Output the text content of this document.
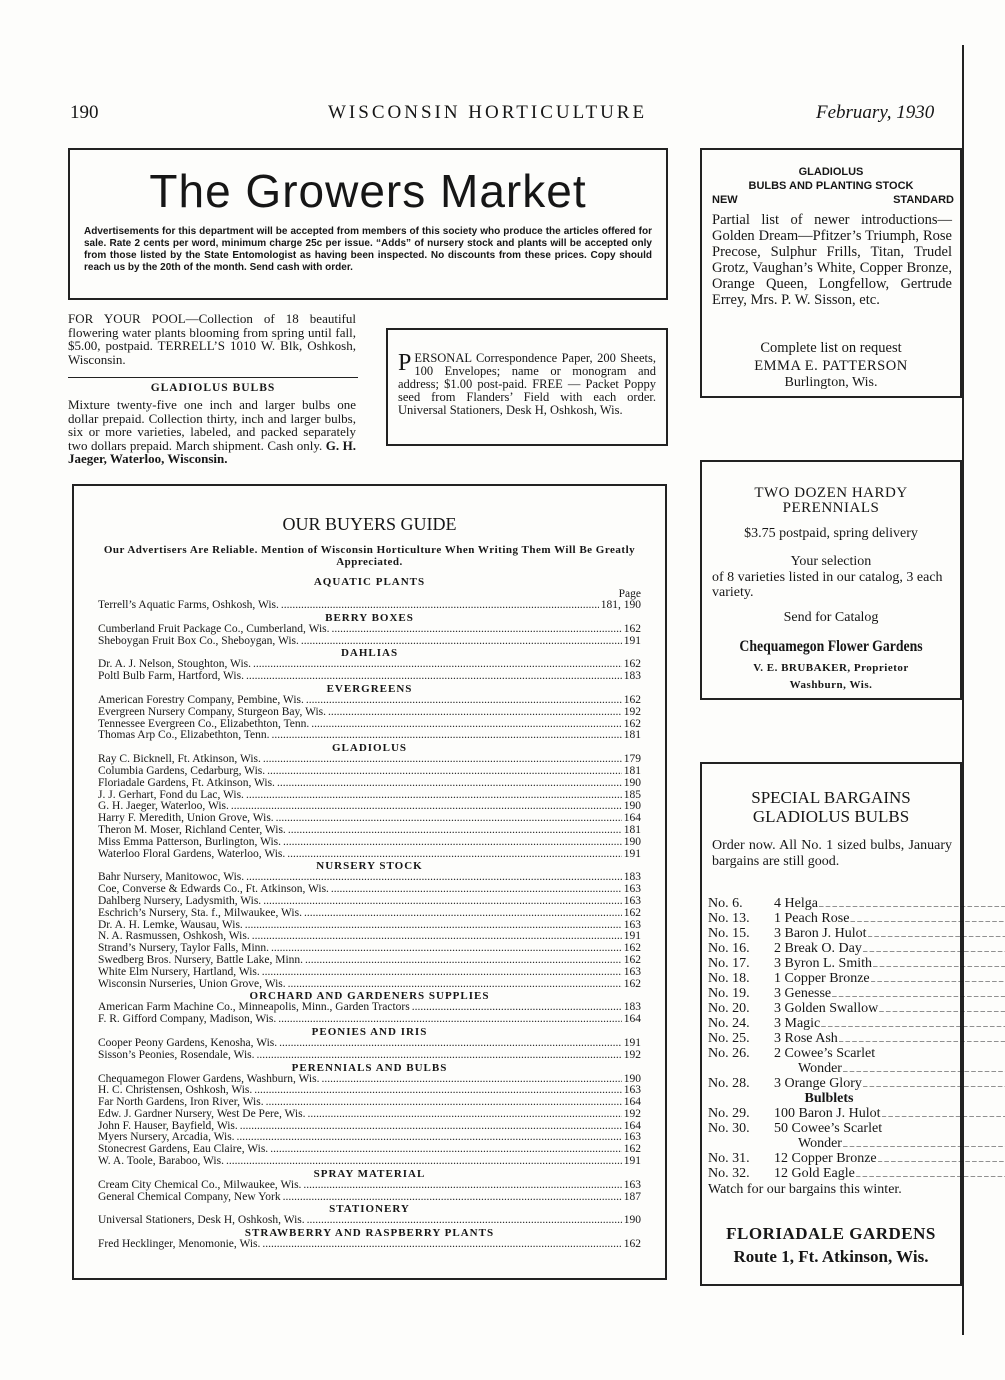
190	WISCONSIN HORTICULTURE	February, 1930
The Growers Market
Advertisements for this department will be accepted from members of this society who produce the articles offered for sale. Rate 2 cents per word, minimum charge 25c per issue. “Adds” of nursery stock and plants will be accepted only from those listed by the State Entomologist as having been inspected. No discounts from these prices. Copy should reach us by the 20th of the month. Send cash with order.
FOR YOUR POOL—Collection of 18 beautiful flowering water plants blooming from spring until fall, $5.00, postpaid. TERRELL’S 1010 W. Blk, Oshkosh, Wisconsin.
GLADIOLUS BULBS
Mixture twenty-five one inch and larger bulbs one dollar prepaid. Collection thirty, inch and larger bulbs, six or more varieties, labeled, and packed separately two dollars prepaid. March shipment. Cash only. G. H. Jaeger, Waterloo, Wisconsin.
P ERSONAL Correspondence Paper, 200 Sheets, 100 Envelopes; name or monogram and address; $1.00 post-paid. FREE — Packet Poppy seed from Flanders’ Field with each order. Universal Stationers, Desk H, Oshkosh, Wis.
OUR BUYERS GUIDE
Our Advertisers Are Reliable. Mention of Wisconsin Horticulture When Writing Them Will Be Greatly Appreciated.
AQUATIC PLANTS
Page
Terrell’s Aquatic Farms, Oshkosh, Wis. .....	181, 190
BERRY BOXES
Cumberland Fruit Package Co., Cumberland, Wis. .....	162
Sheboygan Fruit Box Co., Sheboygan, Wis. .....	191
DAHLIAS
Dr. A. J. Nelson, Stoughton, Wis. .....	162
Poltl Bulb Farm, Hartford, Wis. .....	183
EVERGREENS
American Forestry Company, Pembine, Wis. .....	162
Evergreen Nursery Company, Sturgeon Bay, Wis. .....	192
Tennessee Evergreen Co., Elizabethton, Tenn. .....	162
Thomas Arp Co., Elizabethton, Tenn. .....	181
GLADIOLUS
Ray C. Bicknell, Ft. Atkinson, Wis. .....	179
Columbia Gardens, Cedarburg, Wis. .....	181
Floriadale Gardens, Ft. Atkinson, Wis. .....	190
J. J. Gerhart, Fond du Lac, Wis. .....	185
G. H. Jaeger, Waterloo, Wis. .....	190
Harry F. Meredith, Union Grove, Wis. .....	164
Theron M. Moser, Richland Center, Wis. .....	181
Miss Emma Patterson, Burlington, Wis. .....	190
Waterloo Floral Gardens, Waterloo, Wis. .....	191
NURSERY STOCK
Bahr Nursery, Manitowoc, Wis. .....	183
Coe, Converse & Edwards Co., Ft. Atkinson, Wis. .....	163
Dahlberg Nursery, Ladysmith, Wis. .....	163
Eschrich’s Nursery, Sta. f., Milwaukee, Wis. .....	162
Dr. A. H. Lemke, Wausau, Wis. .....	163
N. A. Rasmussen, Oshkosh, Wis. .....	191
Strand’s Nursery, Taylor Falls, Minn. .....	162
Swedberg Bros. Nursery, Battle Lake, Minn. .....	162
White Elm Nursery, Hartland, Wis. .....	163
Wisconsin Nurseries, Union Grove, Wis. .....	162
ORCHARD AND GARDENERS SUPPLIES
American Farm Machine Co., Minneapolis, Minn., Garden Tractors .....	183
F. R. Gifford Company, Madison, Wis. .....	164
PEONIES AND IRIS
Cooper Peony Gardens, Kenosha, Wis. .....	191
Sisson’s Peonies, Rosendale, Wis. .....	192
PERENNIALS AND BULBS
Chequamegon Flower Gardens, Washburn, Wis. .....	190
H. C. Christensen, Oshkosh, Wis. .....	163
Far North Gardens, Iron River, Wis. .....	164
Edw. J. Gardner Nursery, West De Pere, Wis. .....	192
John F. Hauser, Bayfield, Wis. .....	164
Myers Nursery, Arcadia, Wis. .....	163
Stonecrest Gardens, Eau Claire, Wis. .....	162
W. A. Toole, Baraboo, Wis. .....	191
SPRAY MATERIAL
Cream City Chemical Co., Milwaukee, Wis. .....	163
General Chemical Company, New York .....	187
STATIONERY
Universal Stationers, Desk H, Oshkosh, Wis. .....	190
STRAWBERRY AND RASPBERRY PLANTS
Fred Hecklinger, Menomonie, Wis. .....	162
GLADIOLUS
BULBS AND PLANTING STOCK
NEW	STANDARD
Partial list of newer introductions—Golden Dream—Pfitzer’s Triumph, Rose Precose, Sulphur Frills, Titan, Trudel Grotz, Vaughan’s White, Copper Bronze, Orange Queen, Longfellow, Gertrude Errey, Mrs. P. W. Sisson, etc.
Complete list on request
EMMA E. PATTERSON
Burlington, Wis.
TWO DOZEN HARDY PERENNIALS
$3.75 postpaid, spring delivery
Your selection
of 8 varieties listed in our catalog, 3 each variety.
Send for Catalog
Chequamegon Flower Gardens
V. E. BRUBAKER, Proprietor
Washburn, Wis.
SPECIAL BARGAINS GLADIOLUS BULBS
Order now. All No. 1 sized bulbs, January bargains are still good.
No. 6.	4 Helga
_ _ _
No. 13.	1 Peach Rose
_ _ _
No. 15.	3 Baron J. Hulot
_ _ _
No. 16.	2 Break O. Day
_ _ _
No. 17.	3 Byron L. Smith
_ _ _
No. 18.	1 Copper Bronze
_ _ _
No. 19.	3 Genesse
_ _ _
No. 20.	3 Golden Swallow
_ _ _
No. 24.	3 Magic
_ _ _
No. 25.	3 Rose Ash
_ _ _
No. 26.	2 Cowee’s Scarlet
Wonder
_ _ _
No. 28.	3 Orange Glory
_ _ _
Bulblets
No. 29.	100 Baron J. Hulot
_ _ _
No. 30.	50 Cowee’s Scarlet
Wonder
_ _ _
No. 31.	12 Copper Bronze
_ _ _
No. 32.	12 Gold Eagle
_ _ _
Watch for our bargains this winter.
FLORIADALE GARDENS
Route 1, Ft. Atkinson, Wis.
